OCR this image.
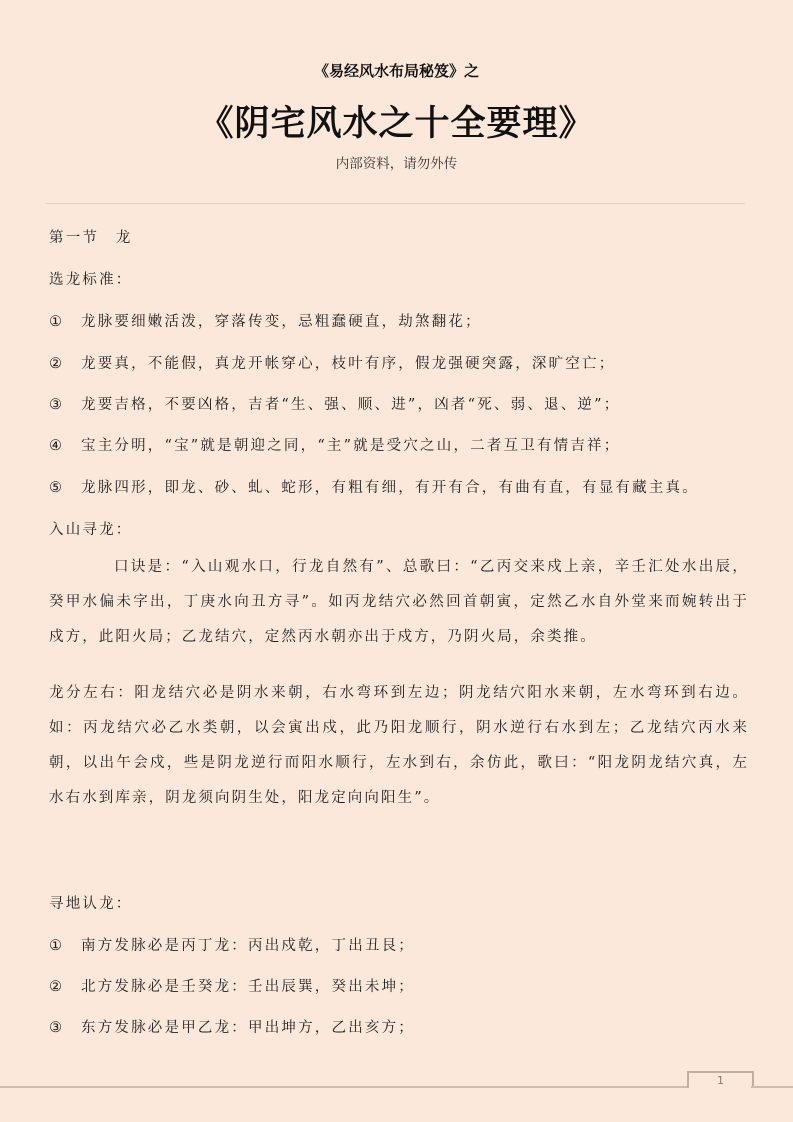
《易经风水布局秘笈》之
《阴宅风水之十全要理》
内部资料，请勿外传
第一节　龙
选龙标准：
① 龙脉要细嫩活泼，穿落传变，忌粗蠢硬直，劫煞翻花；
② 龙要真，不能假，真龙开帐穿心，枝叶有序，假龙强硬突露，深旷空亡；
③ 龙要吉格，不要凶格，吉者“生、强、顺、进”，凶者“死、弱、退、逆”；
④ 宝主分明，“宝”就是朝迎之同，“主”就是受穴之山，二者互卫有情吉祥；
⑤ 龙脉四形，即龙、砂、虬、蛇形，有粗有细，有开有合，有曲有直，有显有藏主真。
入山寻龙：
口诀是：“入山观水口，行龙自然有”、总歌曰：“乙丙交来戍上亲，辛壬汇处水出辰，癸甲水偏未字出，丁庚水向丑方寻”。如丙龙结穴必然回首朝寅，定然乙水自外堂来而婉转出于戍方，此阳火局；乙龙结穴，定然丙水朝亦出于戍方，乃阴火局，余类推。
龙分左右：阳龙结穴必是阴水来朝，右水弯环到左边；阴龙结穴阳水来朝，左水弯环到右边。如：丙龙结穴必乙水类朝，以会寅出戍，此乃阳龙顺行，阴水逆行右水到左；乙龙结穴丙水来朝，以出午会戍，些是阴龙逆行而阳水顺行，左水到右，余仿此，歌曰：“阳龙阴龙结穴真，左水右水到库亲，阴龙须向阴生处，阳龙定向向阳生”。
寻地认龙：
① 南方发脉必是丙丁龙：丙出戍乾，丁出丑艮；
② 北方发脉必是壬癸龙：壬出辰巽，癸出未坤；
③ 东方发脉必是甲乙龙：甲出坤方，乙出亥方；
1
